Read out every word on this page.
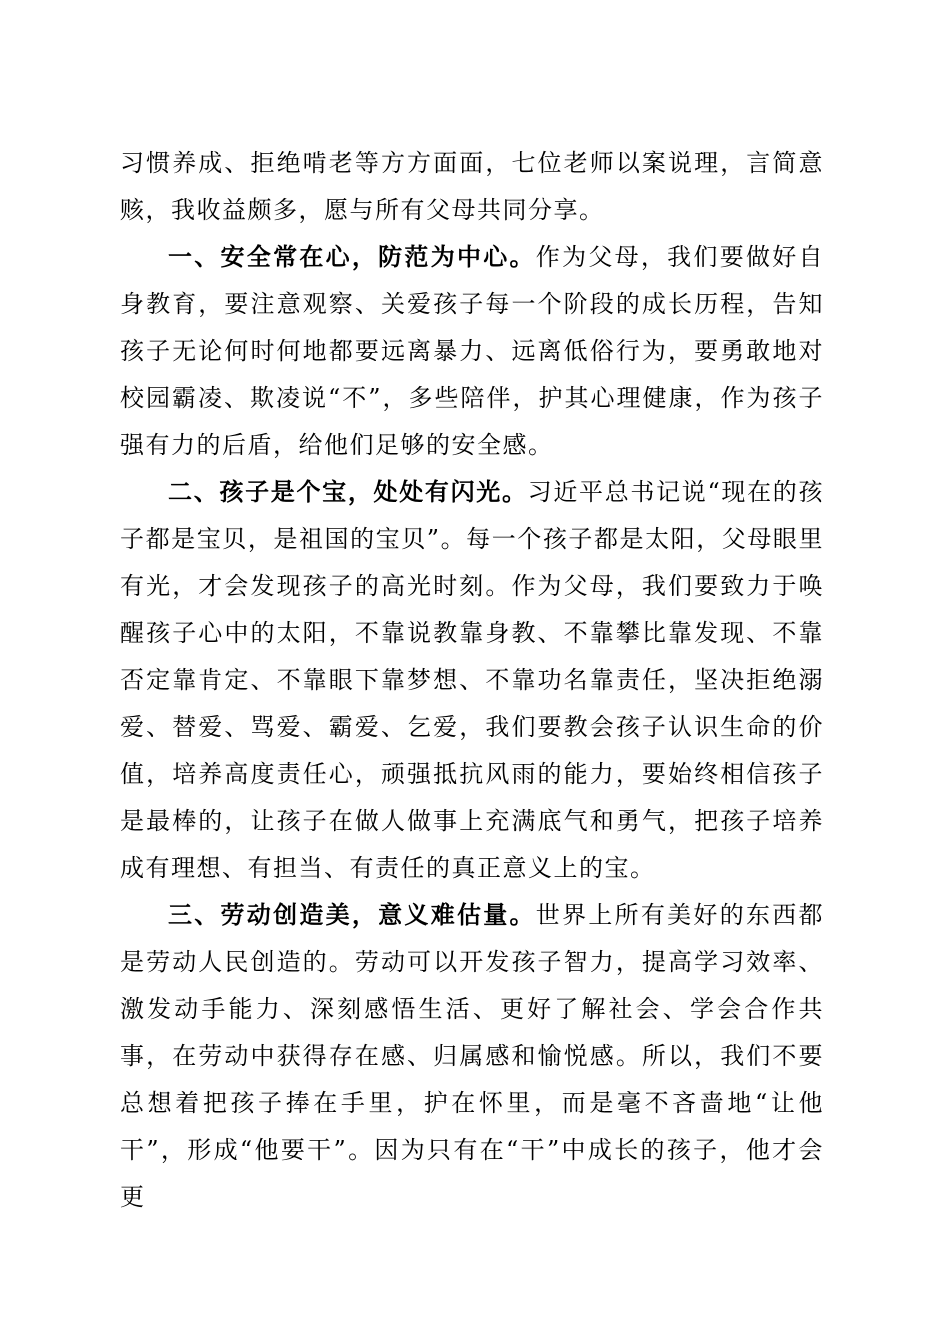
习惯养成、拒绝啃老等方方面面，七位老师以案说理，言简意赅，我收益颇多，愿与所有父母共同分享。

一、安全常在心，防范为中心。作为父母，我们要做好自身教育，要注意观察、关爱孩子每一个阶段的成长历程，告知孩子无论何时何地都要远离暴力、远离低俗行为，要勇敢地对校园霸凌、欺凌说“不”，多些陪伴，护其心理健康，作为孩子强有力的后盾，给他们足够的安全感。

二、孩子是个宝，处处有闪光。习近平总书记说“现在的孩子都是宝贝，是祖国的宝贝”。每一个孩子都是太阳，父母眼里有光，才会发现孩子的高光时刻。作为父母，我们要致力于唤醒孩子心中的太阳，不靠说教靠身教、不靠攀比靠发现、不靠否定靠肯定、不靠眼下靠梦想、不靠功名靠责任，坚决拒绝溺爱、替爱、骂爱、霸爱、乞爱，我们要教会孩子认识生命的价值，培养高度责任心，顽强抵抗风雨的能力，要始终相信孩子是最棒的，让孩子在做人做事上充满底气和勇气，把孩子培养成有理想、有担当、有责任的真正意义上的宝。

三、劳动创造美，意义难估量。世界上所有美好的东西都是劳动人民创造的。劳动可以开发孩子智力，提高学习效率、激发动手能力、深刻感悟生活、更好了解社会、学会合作共事，在劳动中获得存在感、归属感和愉悦感。所以，我们不要总想着把孩子捧在手里，护在怀里，而是毫不吝啬地“让他干”，形成“他要干”。因为只有在“干”中成长的孩子，他才会更
